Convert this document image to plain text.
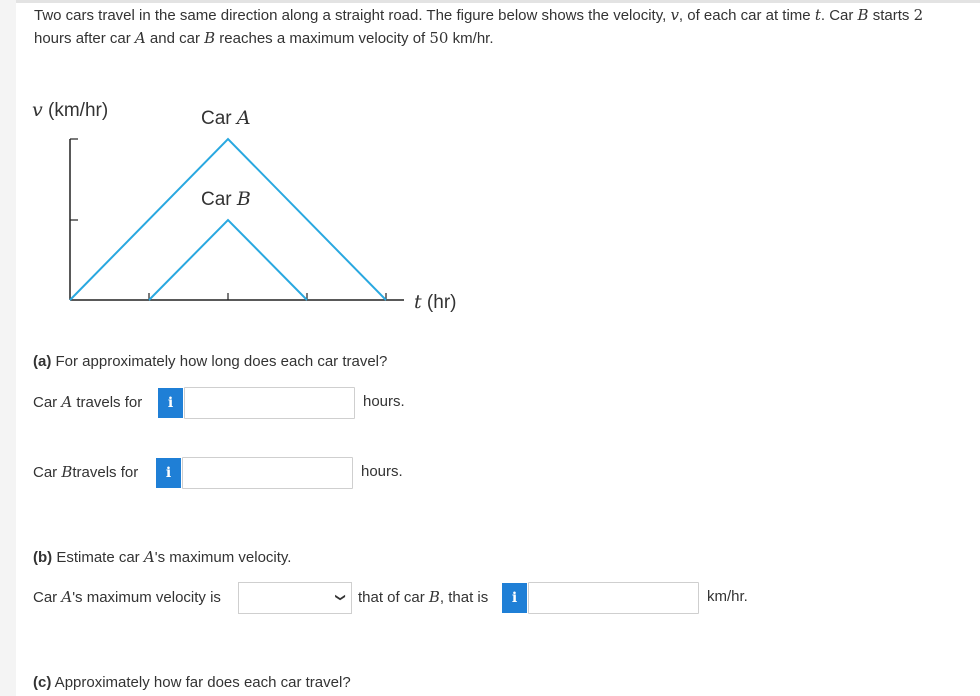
Two cars travel in the same direction along a straight road. The figure below shows the velocity, v, of each car at time t. Car B starts 2
hours after car A and car B reaches a maximum velocity of 50 km/hr.
v (km/hr)	Car A
Car B
t (hr)
(a) For approximately how long does each car travel?
Car A travels for i	hours.
Car Btravels for i	hours.
(b) Estimate car A's maximum velocity.
Car A's maximum velocity is	❯ that of car B, that is i	km/hr.
(c) Approximately how far does each car travel?
